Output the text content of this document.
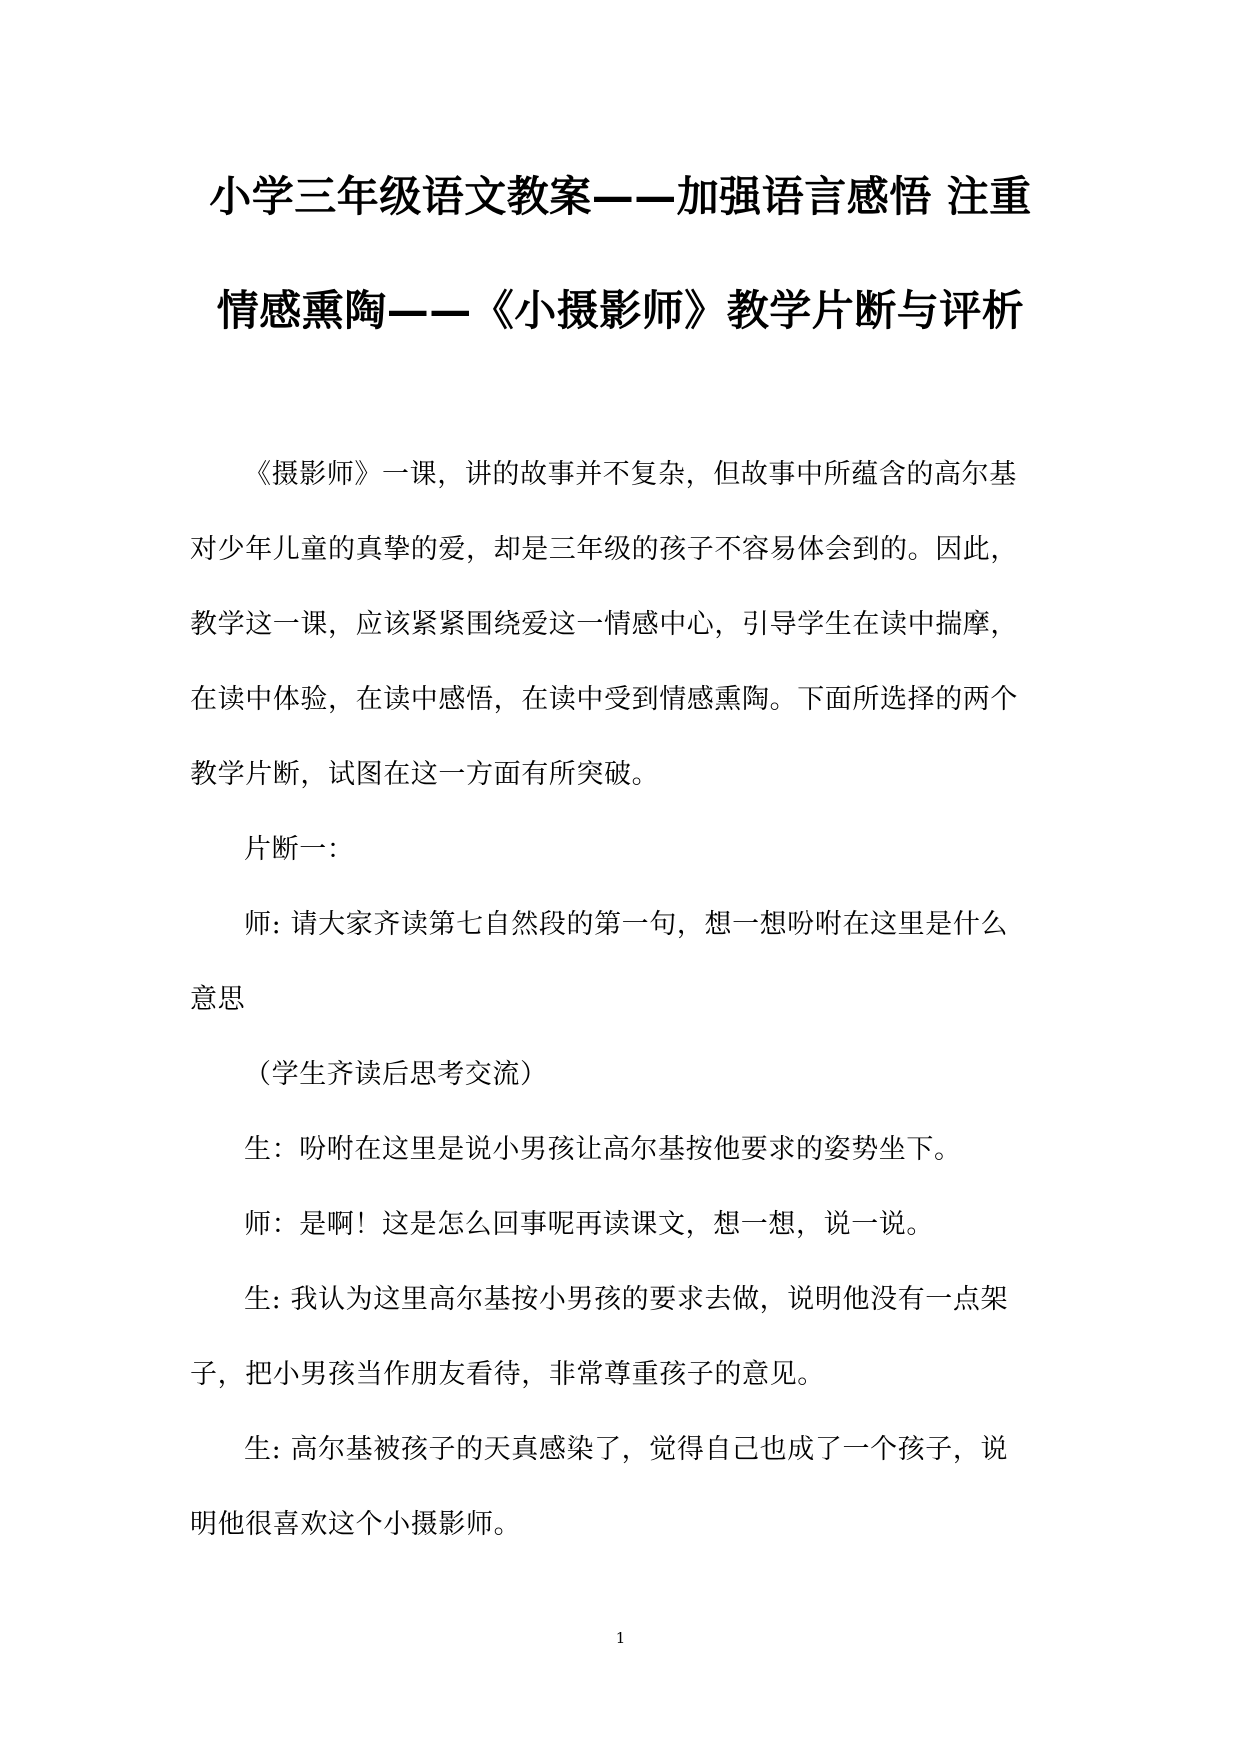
小学三年级语文教案——加强语言感悟 注重
情感熏陶——《小摄影师》教学片断与评析

《摄影师》一课，讲的故事并不复杂，但故事中所蕴含的高尔基
对少年儿童的真挚的爱，却是三年级的孩子不容易体会到的。因此，
教学这一课，应该紧紧围绕爱这一情感中心，引导学生在读中揣摩，
在读中体验，在读中感悟，在读中受到情感熏陶。下面所选择的两个
教学片断，试图在这一方面有所突破。

片断一：

师: 请大家齐读第七自然段的第一句，想一想吩咐在这里是什么
意思

（学生齐读后思考交流）

生：吩咐在这里是说小男孩让高尔基按他要求的姿势坐下。

师：是啊！这是怎么回事呢再读课文，想一想，说一说。

生: 我认为这里高尔基按小男孩的要求去做，说明他没有一点架
子，把小男孩当作朋友看待，非常尊重孩子的意见。

生: 高尔基被孩子的天真感染了，觉得自己也成了一个孩子，说
明他很喜欢这个小摄影师。

1
